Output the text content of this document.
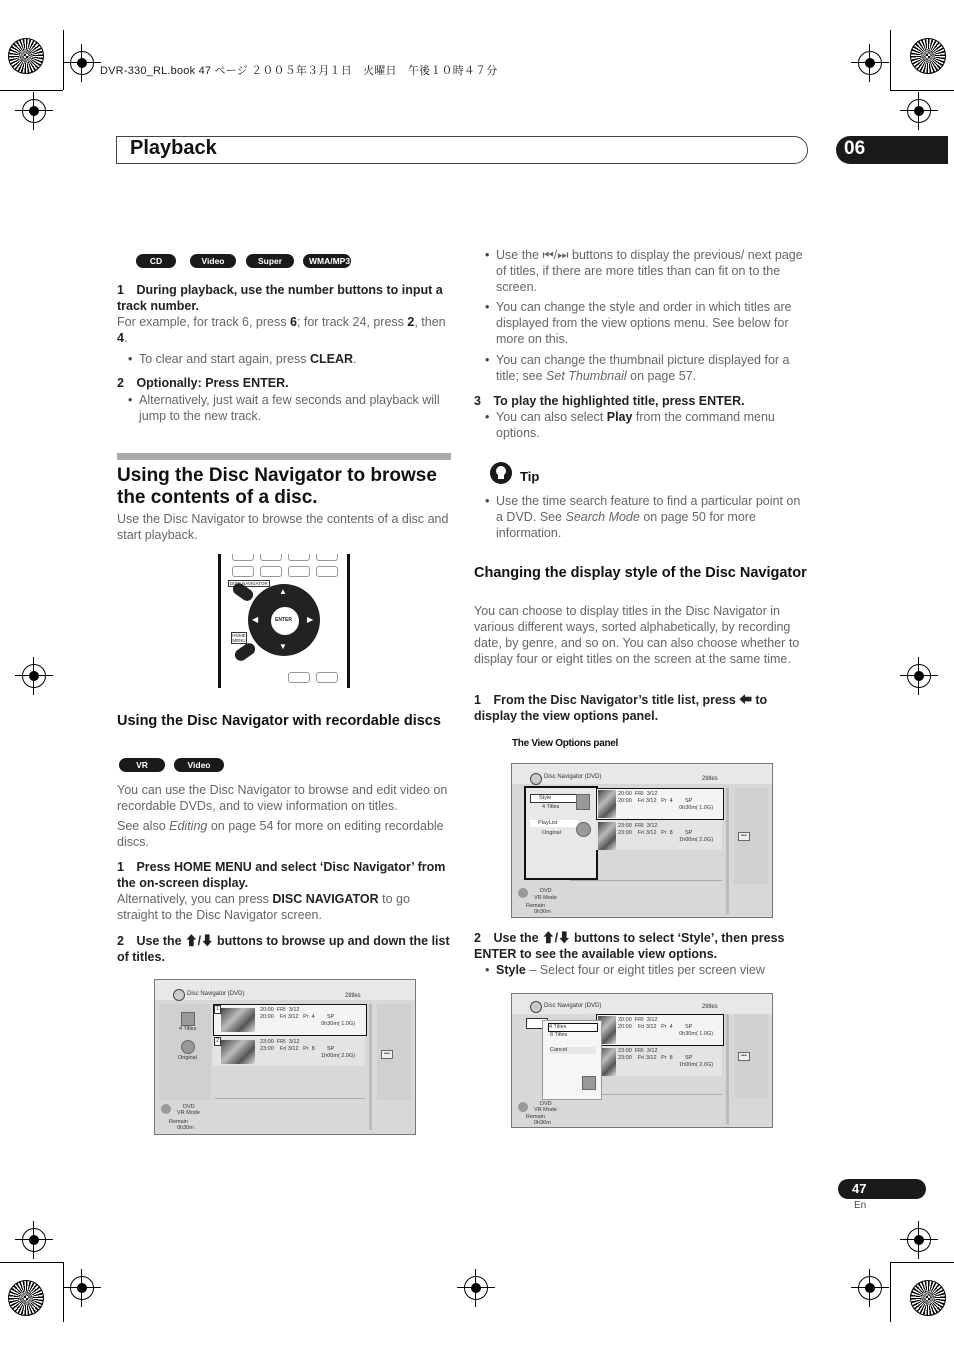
DVR-330_RL.book 47 ページ ２００５年３月１日　火曜日　午後１０時４７分
Playback	06
CD	Video CD
Super VCD
WMA/MP3
1　During playback, use the number buttons to input a track number.
For example, for track 6, press 6; for track 24, press 2, then 4.
• To clear and start again, press CLEAR.
2　Optionally: Press ENTER.
• Alternatively, just wait a few seconds and playback will jump to the new track.
Using the Disc Navigator to browse the contents of a disc.
Use the Disc Navigator to browse the contents of a disc and start playback.
DISC NAVIGATOR
ENTER
▲
▼
◀	▶
HOME MENU
Using the Disc Navigator with recordable discs
VR mode
Video mode
You can use the Disc Navigator to browse and edit video on recordable DVDs, and to view information on titles.
See also Editing on page 54 for more on editing recordable discs.
1　Press HOME MENU and select ‘Disc Navigator’ from the on-screen display.
Alternatively, you can press DISC NAVIGATOR to go straight to the Disc Navigator screen.
2　Use the ⬆/⬇ buttons to browse up and down the list of titles.
Disc Navigator (DVD)	2titles
4 Titles
Original
1	20:00  FRI  3/12
20:00    Fri 3/12   Pr  4        SP
0h30m( 1.0G)
2	23:00  FRI  3/12
23:00    Fri 3/12   Pr  8        SP
1h00m( 2.0G)	•••
DVD
VR Mode
Remain
0h30m
• Use the ⏮/⏭ buttons to display the previous/ next page of titles, if there are more titles than can fit on to the screen.
• You can change the style and order in which titles are displayed from the view options menu. See below for more on this.
• You can change the thumbnail picture displayed for a title; see Set Thumbnail on page 57.
3　To play the highlighted title, press ENTER.
• You can also select Play from the command menu options.
Tip
• Use the time search feature to find a particular point on a DVD. See Search Mode on page 50 for more information.
Changing the display style of the Disc Navigator
You can choose to display titles in the Disc Navigator in various different ways, sorted alphabetically, by recording date, by genre, and so on. You can also choose whether to display four or eight titles on the screen at the same time.
1　From the Disc Navigator’s title list, press ⬅ to display the view options panel.
The View Options panel
Disc Navigator (DVD)	2titles
Style
4 Titles
PlayList
Original
20:00  FRI  3/12
20:00    Fri 3/12   Pr  4        SP
0h30m( 1.0G)
23:00  FRI  3/12
23:00    Fri 3/12   Pr  8        SP
1h00m( 2.0G)
•••
DVD
VR Mode
Remain
0h30m
2　Use the ⬆/⬇ buttons to select ‘Style’, then press ENTER to see the available view options.
• Style – Select four or eight titles per screen view
Disc Navigator (DVD)	2titles
20:00  FRI  3/12
20:00    Fri 3/12   Pr  4        SP
0h30m( 1.0G)
23:00  FRI  3/12
23:00    Fri 3/12   Pr  8        SP
1h00m( 2.0G)
4 Titles
8 Titles
Cancel
•••
DVD
VR Mode
Remain
0h30m
47
En
